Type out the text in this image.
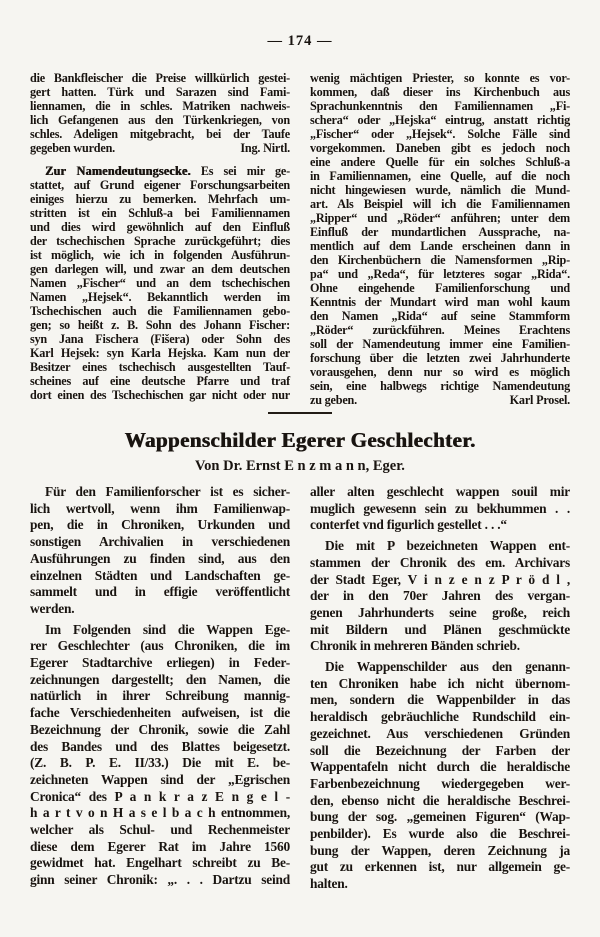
— 174 —
die Bankfleischer die Preise willkürlich gestei-
gert hatten. Türk und Sarazen sind Fami-
liennamen, die in schles. Matriken nachweis-
lich Gefangenen aus den Türkenkriegen, von
schles. Adeligen mitgebracht, bei der Taufe
gegeben wurden.	Ing. Nirtl.
Zur Namendeutungsecke. Es sei mir ge-
stattet, auf Grund eigener Forschungsarbeiten
einiges hierzu zu bemerken. Mehrfach um-
stritten ist ein Schluß-a bei Familiennamen
und dies wird gewöhnlich auf den Einfluß
der tschechischen Sprache zurückgeführt; dies
ist möglich, wie ich in folgenden Ausführun-
gen darlegen will, und zwar an dem deutschen
Namen „Fischer“ und an dem tschechischen
Namen „Hejsek“. Bekanntlich werden im
Tschechischen auch die Familiennamen gebo-
gen; so heißt z. B. Sohn des Johann Fischer:
syn Jana Fischera (Fišera) oder Sohn des
Karl Hejsek: syn Karla Hejska. Kam nun der
Besitzer eines tschechisch ausgestellten Tauf-
scheines auf eine deutsche Pfarre und traf
dort einen des Tschechischen gar nicht oder nur
wenig mächtigen Priester, so konnte es vor-
kommen, daß dieser ins Kirchenbuch aus
Sprachunkenntnis den Familiennamen „Fi-
schera“ oder „Hejska“ eintrug, anstatt richtig
„Fischer“ oder „Hejsek“. Solche Fälle sind
vorgekommen. Daneben gibt es jedoch noch
eine andere Quelle für ein solches Schluß-a
in Familiennamen, eine Quelle, auf die noch
nicht hingewiesen wurde, nämlich die Mund-
art. Als Beispiel will ich die Familiennamen
„Ripper“ und „Röder“ anführen; unter dem
Einfluß der mundartlichen Aussprache, na-
mentlich auf dem Lande erscheinen dann in
den Kirchenbüchern die Namensformen „Rip-
pa“ und „Reda“, für letzteres sogar „Rida“.
Ohne eingehende Familienforschung und
Kenntnis der Mundart wird man wohl kaum
den Namen „Rida“ auf seine Stammform
„Röder“ zurückführen. Meines Erachtens
soll der Namendeutung immer eine Familien-
forschung über die letzten zwei Jahrhunderte
vorausgehen, denn nur so wird es möglich
sein, eine halbwegs richtige Namendeutung
zu geben.	Karl Prosel.
Wappenschilder Egerer Geschlechter.
Von Dr. Ernst E n z m a n n, Eger.
Für den Familienforscher ist es sicher-
lich wertvoll, wenn ihm Familienwap-
pen, die in Chroniken, Urkunden und
sonstigen Archivalien in verschiedenen
Ausführungen zu finden sind, aus den
einzelnen Städten und Landschaften ge-
sammelt und in effigie veröffentlicht
werden.
Im Folgenden sind die Wappen Ege-
rer Geschlechter (aus Chroniken, die im
Egerer Stadtarchive erliegen) in Feder-
zeichnungen dargestellt; den Namen, die
natürlich in ihrer Schreibung mannig-
fache Verschiedenheiten aufweisen, ist die
Bezeichnung der Chronik, sowie die Zahl
des Bandes und des Blattes beigesetzt.
(Z. B. P. E. II/33.) Die mit E. be-
zeichneten Wappen sind der „Egrischen
Cronica“ des P a n k r a z E n g e l -
h a r t v o n H a s e l b a c h entnommen,
welcher als Schul- und Rechenmeister
diese dem Egerer Rat im Jahre 1560
gewidmet hat. Engelhart schreibt zu Be-
ginn seiner Chronik: „. . . Dartzu seind
aller alten geschlecht wappen souil mir
muglich gewesenn sein zu bekhummen . .
conterfet vnd figurlich gestellet . . .“
Die mit P bezeichneten Wappen ent-
stammen der Chronik des em. Archivars
der Stadt Eger, V i n z e n z P r ö d l ,
der in den 70er Jahren des vergan-
genen Jahrhunderts seine große, reich
mit Bildern und Plänen geschmückte
Chronik in mehreren Bänden schrieb.
Die Wappenschilder aus den genann-
ten Chroniken habe ich nicht übernom-
men, sondern die Wappenbilder in das
heraldisch gebräuchliche Rundschild ein-
gezeichnet. Aus verschiedenen Gründen
soll die Bezeichnung der Farben der
Wappentafeln nicht durch die heraldische
Farbenbezeichnung wiedergegeben wer-
den, ebenso nicht die heraldische Beschrei-
bung der sog. „gemeinen Figuren“ (Wap-
penbilder). Es wurde also die Beschrei-
bung der Wappen, deren Zeichnung ja
gut zu erkennen ist, nur allgemein ge-
halten.
